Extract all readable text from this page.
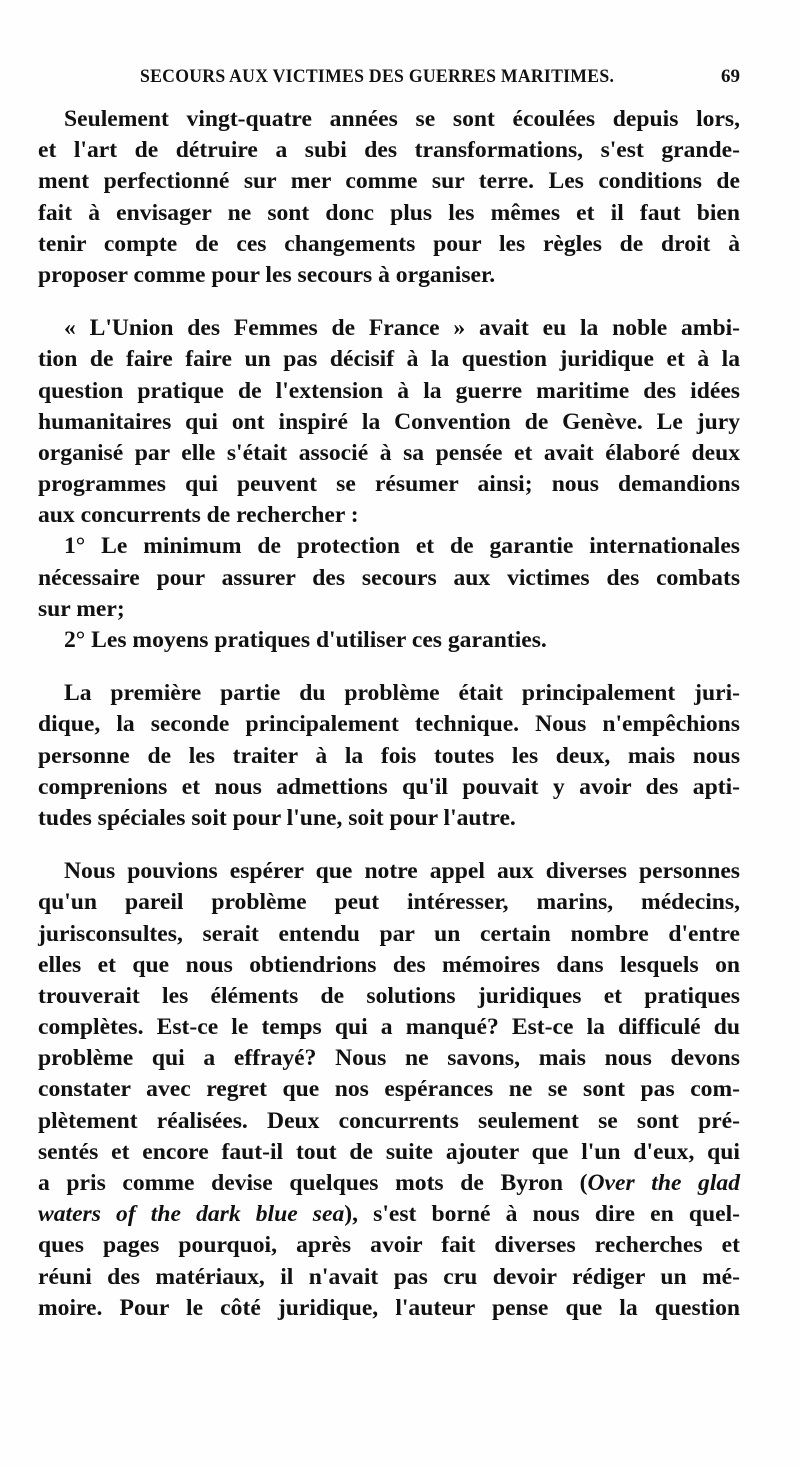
SECOURS AUX VICTIMES DES GUERRES MARITIMES.	69
Seulement vingt-quatre années se sont écoulées depuis lors,
et l'art de détruire a subi des transformations, s'est grande-
ment perfectionné sur mer comme sur terre. Les conditions de
fait à envisager ne sont donc plus les mêmes et il faut bien
tenir compte de ces changements pour les règles de droit à
proposer comme pour les secours à organiser.
« L'Union des Femmes de France » avait eu la noble ambi-
tion de faire faire un pas décisif à la question juridique et à la
question pratique de l'extension à la guerre maritime des idées
humanitaires qui ont inspiré la Convention de Genève. Le jury
organisé par elle s'était associé à sa pensée et avait élaboré deux
programmes qui peuvent se résumer ainsi; nous demandions
aux concurrents de rechercher :
1° Le minimum de protection et de garantie internationales
nécessaire pour assurer des secours aux victimes des combats
sur mer;
2° Les moyens pratiques d'utiliser ces garanties.
La première partie du problème était principalement juri-
dique, la seconde principalement technique. Nous n'empêchions
personne de les traiter à la fois toutes les deux, mais nous
comprenions et nous admettions qu'il pouvait y avoir des apti-
tudes spéciales soit pour l'une, soit pour l'autre.
Nous pouvions espérer que notre appel aux diverses personnes
qu'un pareil problème peut intéresser, marins, médecins,
jurisconsultes, serait entendu par un certain nombre d'entre
elles et que nous obtiendrions des mémoires dans lesquels on
trouverait les éléments de solutions juridiques et pratiques
complètes. Est-ce le temps qui a manqué? Est-ce la difficulé du
problème qui a effrayé? Nous ne savons, mais nous devons
constater avec regret que nos espérances ne se sont pas com-
plètement réalisées. Deux concurrents seulement se sont pré-
sentés et encore faut-il tout de suite ajouter que l'un d'eux, qui
a pris comme devise quelques mots de Byron (Over the glad
waters of the dark blue sea), s'est borné à nous dire en quel-
ques pages pourquoi, après avoir fait diverses recherches et
réuni des matériaux, il n'avait pas cru devoir rédiger un mé-
moire. Pour le côté juridique, l'auteur pense que la question
